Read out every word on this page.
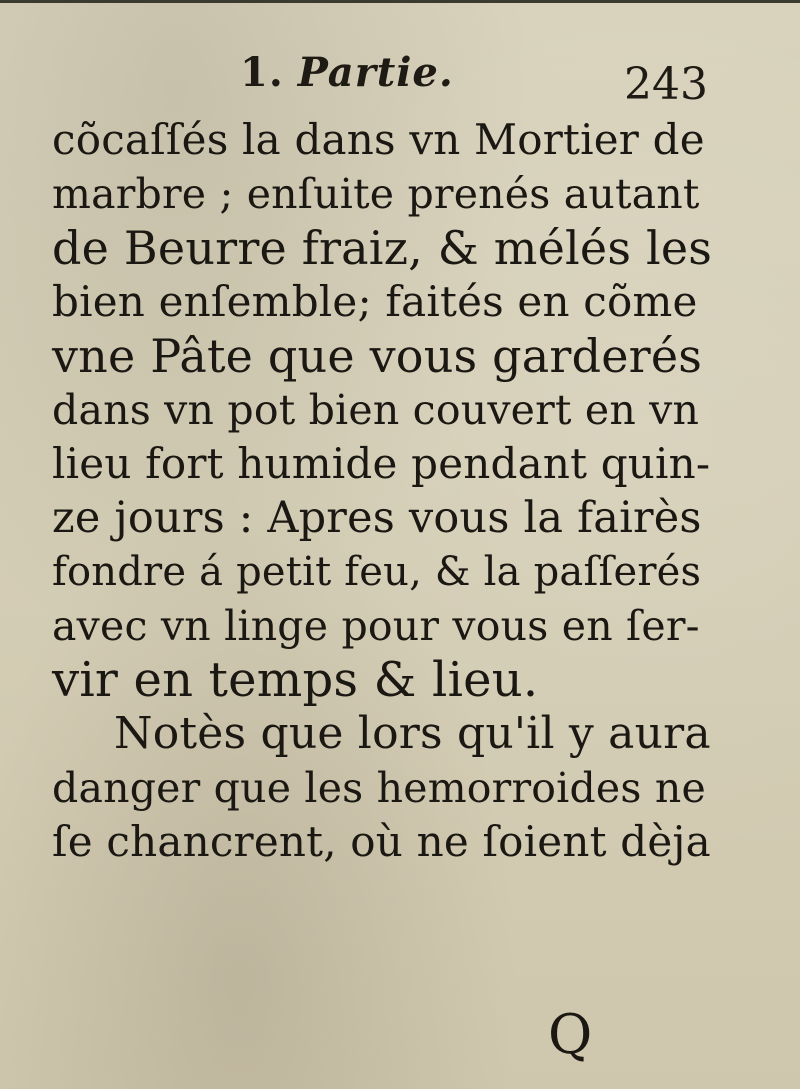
1. Partie.	243
cõcaſſés la dans vn Mortier de
marbre ; enſuite prenés autant
de Beurre fraiz, & mélés les
bien enſemble; faités en cõme
vne Pâte que vous garderés
dans vn pot bien couvert en vn
lieu fort humide pendant quin-
ze jours : Apres vous la fairès
fondre á petit feu, & la paſſerés
avec vn linge pour vous en ſer-
vir en temps & lieu.
Notès que lors qu'il y aura
danger que les hemorroides ne
ſe chancrent, où ne ſoient dèja
Q
